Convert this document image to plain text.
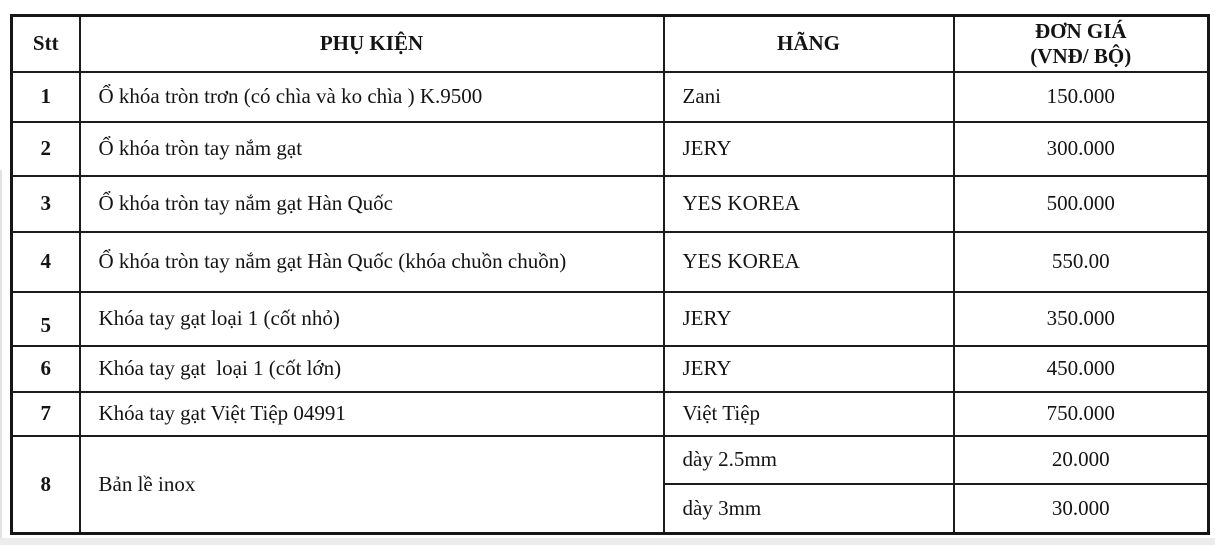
Stt	PHỤ KIỆN	HÃNG	ĐƠN GIÁ
(VNĐ/ BỘ)

1	Ổ khóa tròn trơn (có chìa và ko chìa ) K.9500	Zani	150.000
2	Ổ khóa tròn tay nắm gạt	JERY	300.000
3	Ổ khóa tròn tay nắm gạt Hàn Quốc	YES KOREA	500.000
4	Ổ khóa tròn tay nắm gạt Hàn Quốc (khóa chuồn chuồn)	YES KOREA	550.00
5	Khóa tay gạt loại 1 (cốt nhỏ)	JERY	350.000
6	Khóa tay gạt  loại 1 (cốt lớn)	JERY	450.000
7	Khóa tay gạt Việt Tiệp 04991	Việt Tiệp	750.000
8	Bản lề inox	dày 2.5mm	20.000
		dày 3mm	30.000
